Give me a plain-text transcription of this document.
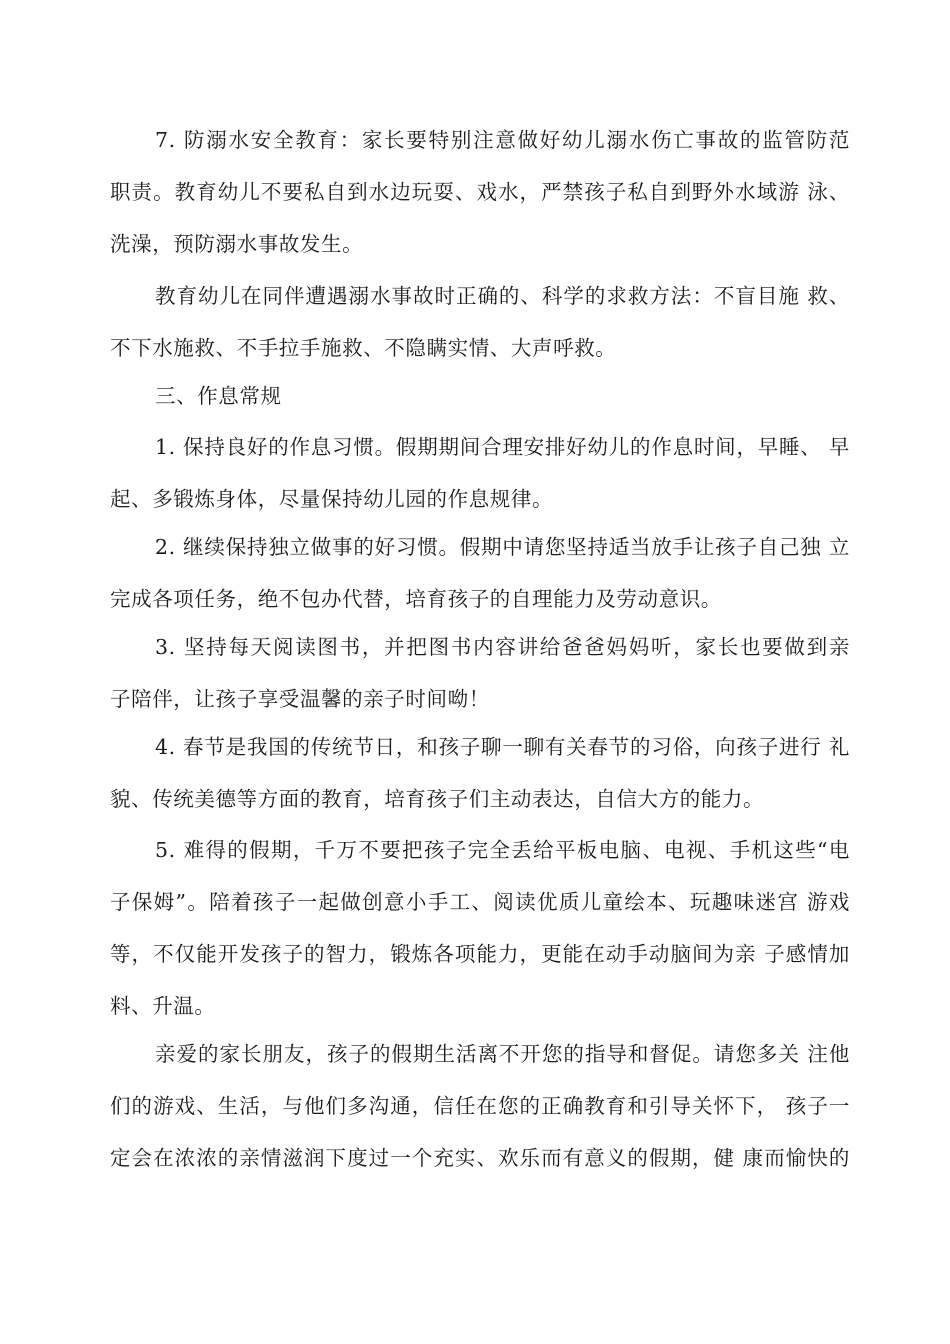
7. 防溺水安全教育：家长要特别注意做好幼儿溺水伤亡事故的监管防范
职责。教育幼儿不要私自到水边玩耍、戏水，严禁孩子私自到野外水域游 泳、
洗澡，预防溺水事故发生。
教育幼儿在同伴遭遇溺水事故时正确的、科学的求救方法：不盲目施 救、
不下水施救、不手拉手施救、不隐瞒实情、大声呼救。
三、作息常规
1. 保持良好的作息习惯。假期期间合理安排好幼儿的作息时间，早睡、 早
起、多锻炼身体，尽量保持幼儿园的作息规律。
2. 继续保持独立做事的好习惯。假期中请您坚持适当放手让孩子自己独 立
完成各项任务，绝不包办代替，培育孩子的自理能力及劳动意识。
3. 坚持每天阅读图书，并把图书内容讲给爸爸妈妈听，家长也要做到亲
子陪伴，让孩子享受温馨的亲子时间呦！
4. 春节是我国的传统节日，和孩子聊一聊有关春节的习俗，向孩子进行 礼
貌、传统美德等方面的教育，培育孩子们主动表达，自信大方的能力。
5. 难得的假期，千万不要把孩子完全丢给平板电脑、电视、手机这些“电
子保姆”。陪着孩子一起做创意小手工、阅读优质儿童绘本、玩趣味迷宫 游戏
等，不仅能开发孩子的智力，锻炼各项能力，更能在动手动脑间为亲 子感情加
料、升温。
亲爱的家长朋友，孩子的假期生活离不开您的指导和督促。请您多关 注他
们的游戏、生活，与他们多沟通，信任在您的正确教育和引导关怀下， 孩子一
定会在浓浓的亲情滋润下度过一个充实、欢乐而有意义的假期，健 康而愉快的
